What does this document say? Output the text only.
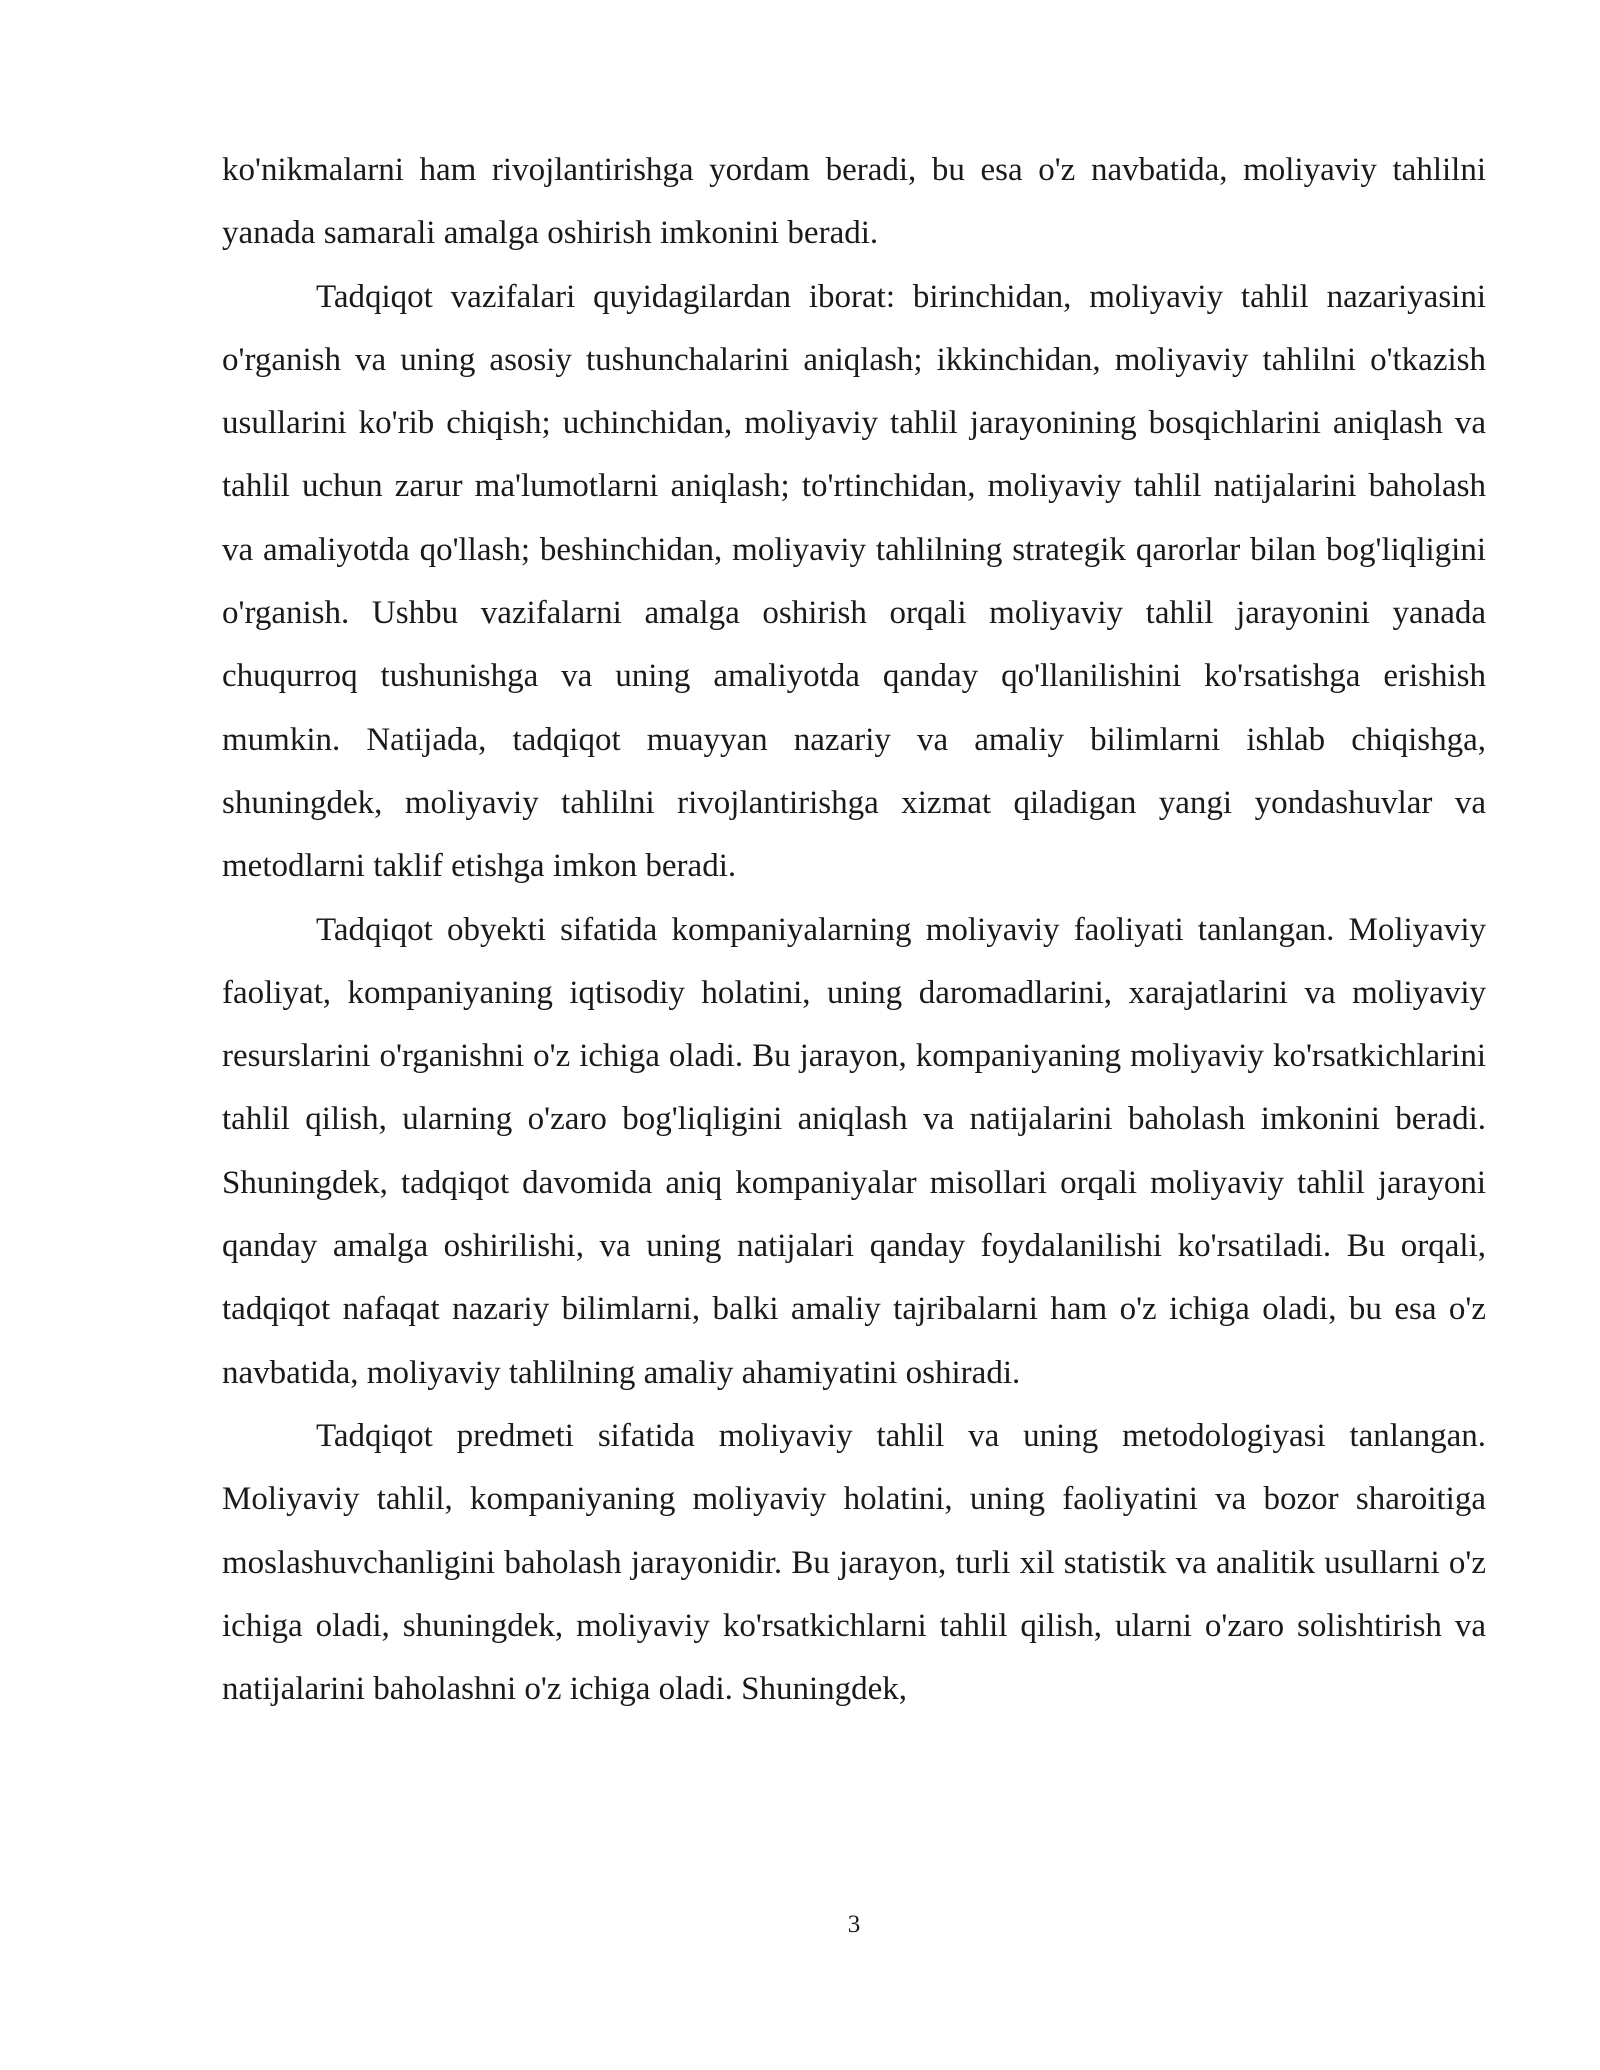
ko'nikmalarni ham rivojlantirishga yordam beradi, bu esa o'z navbatida, moliyaviy tahlilni yanada samarali amalga oshirish imkonini beradi.

Tadqiqot vazifalari quyidagilardan iborat: birinchidan, moliyaviy tahlil nazariyasini o'rganish va uning asosiy tushunchalarini aniqlash; ikkinchidan, moliyaviy tahlilni o'tkazish usullarini ko'rib chiqish; uchinchidan, moliyaviy tahlil jarayonining bosqichlarini aniqlash va tahlil uchun zarur ma'lumotlarni aniqlash; to'rtinchidan, moliyaviy tahlil natijalarini baholash va amaliyotda qo'llash; beshinchidan, moliyaviy tahlilning strategik qarorlar bilan bog'liqligini o'rganish. Ushbu vazifalarni amalga oshirish orqali moliyaviy tahlil jarayonini yanada chuqurroq tushunishga va uning amaliyotda qanday qo'llanilishini ko'rsatishga erishish mumkin. Natijada, tadqiqot muayyan nazariy va amaliy bilimlarni ishlab chiqishga, shuningdek, moliyaviy tahlilni rivojlantirishga xizmat qiladigan yangi yondashuvlar va metodlarni taklif etishga imkon beradi.

Tadqiqot obyekti sifatida kompaniyalarning moliyaviy faoliyati tanlangan. Moliyaviy faoliyat, kompaniyaning iqtisodiy holatini, uning daromadlarini, xarajatlarini va moliyaviy resurslarini o'rganishni o'z ichiga oladi. Bu jarayon, kompaniyaning moliyaviy ko'rsatkichlarini tahlil qilish, ularning o'zaro bog'liqligini aniqlash va natijalarini baholash imkonini beradi. Shuningdek, tadqiqot davomida aniq kompaniyalar misollari orqali moliyaviy tahlil jarayoni qanday amalga oshirilishi, va uning natijalari qanday foydalanilishi ko'rsatiladi. Bu orqali, tadqiqot nafaqat nazariy bilimlarni, balki amaliy tajribalarni ham o'z ichiga oladi, bu esa o'z navbatida, moliyaviy tahlilning amaliy ahamiyatini oshiradi.

Tadqiqot predmeti sifatida moliyaviy tahlil va uning metodologiyasi tanlangan. Moliyaviy tahlil, kompaniyaning moliyaviy holatini, uning faoliyatini va bozor sharoitiga moslashuvchanligini baholash jarayonidir. Bu jarayon, turli xil statistik va analitik usullarni o'z ichiga oladi, shuningdek, moliyaviy ko'rsatkichlarni tahlil qilish, ularni o'zaro solishtirish va natijalarini baholashni o'z ichiga oladi. Shuningdek,

3
